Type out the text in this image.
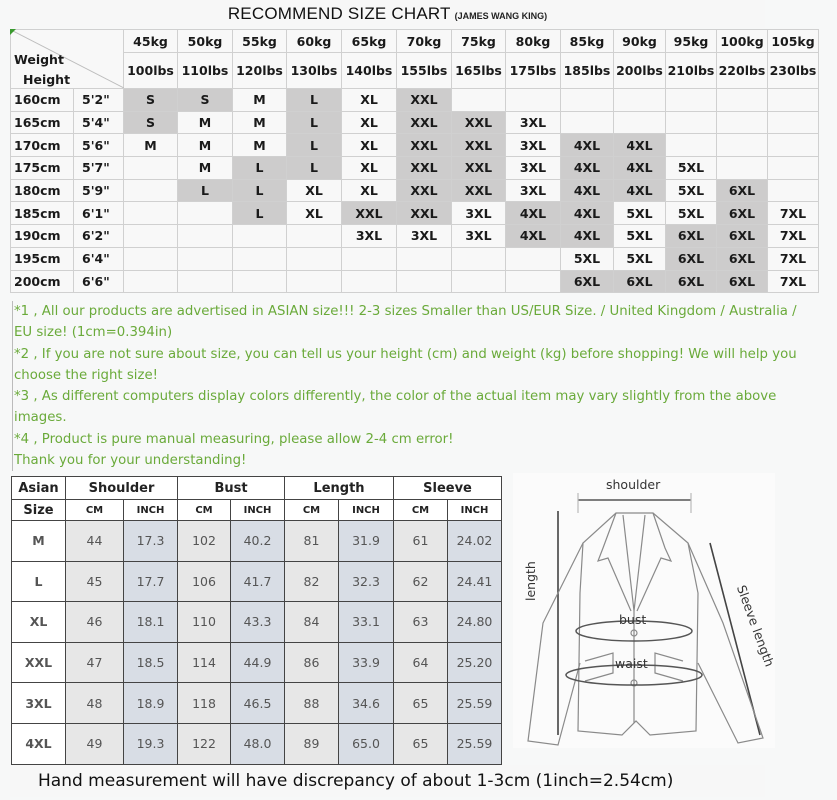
RECOMMEND SIZE CHART (JAMES WANG KING)
Weight
Height		45kg	50kg	55kg	60kg	65kg	70kg	75kg	80kg	85kg	90kg	95kg	100kg	105kg
		100lbs	110lbs	120lbs	130lbs	140lbs	155lbs	165lbs	175lbs	185lbs	200lbs	210lbs	220lbs	230lbs
160cm	5'2"	S	S	M	L	XL	XXL							
165cm	5'4"	S	M	M	L	XL	XXL	XXL	3XL					
170cm	5'6"	M	M	M	L	XL	XXL	XXL	3XL	4XL	4XL			
175cm	5'7"		M	L	L	XL	XXL	XXL	3XL	4XL	4XL	5XL		
180cm	5'9"		L	L	XL	XL	XXL	XXL	3XL	4XL	4XL	5XL	6XL	
185cm	6'1"			L	XL	XXL	XXL	3XL	4XL	4XL	5XL	5XL	6XL	7XL
190cm	6'2"					3XL	3XL	3XL	4XL	4XL	5XL	6XL	6XL	7XL
195cm	6'4"									5XL	5XL	6XL	6XL	7XL
200cm	6'6"									6XL	6XL	6XL	6XL	7XL

*1 , All our products are advertised in ASIAN size!!! 2-3 sizes Smaller than US/EUR Size. / United Kingdom / Australia / EU size! (1cm=0.394in)

*2 , If you are not sure about size, you can tell us your height (cm) and weight (kg) before shopping! We will help you choose the right size!

*3 , As different computers display colors differently, the color of the actual item may vary slightly from the above images.

*4 , Product is pure manual measuring, please allow 2-4 cm error!

Thank you for your understanding!

Asian	Shoulder		Bust		Length		Sleeve	
Size	CM	INCH	CM	INCH	CM	INCH	CM	INCH
M	44	17.3	102	40.2	81	31.9	61	24.02
L	45	17.7	106	41.7	82	32.3	62	24.41
XL	46	18.1	110	43.3	84	33.1	63	24.80
XXL	47	18.5	114	44.9	86	33.9	64	25.20
3XL	48	18.9	118	46.5	88	34.6	65	25.59
4XL	49	19.3	122	48.0	89	65.0	65	25.59
shoulder
bust
waist
length
Sleeve length
Hand measurement will have discrepancy of about 1-3cm (1inch=2.54cm)
